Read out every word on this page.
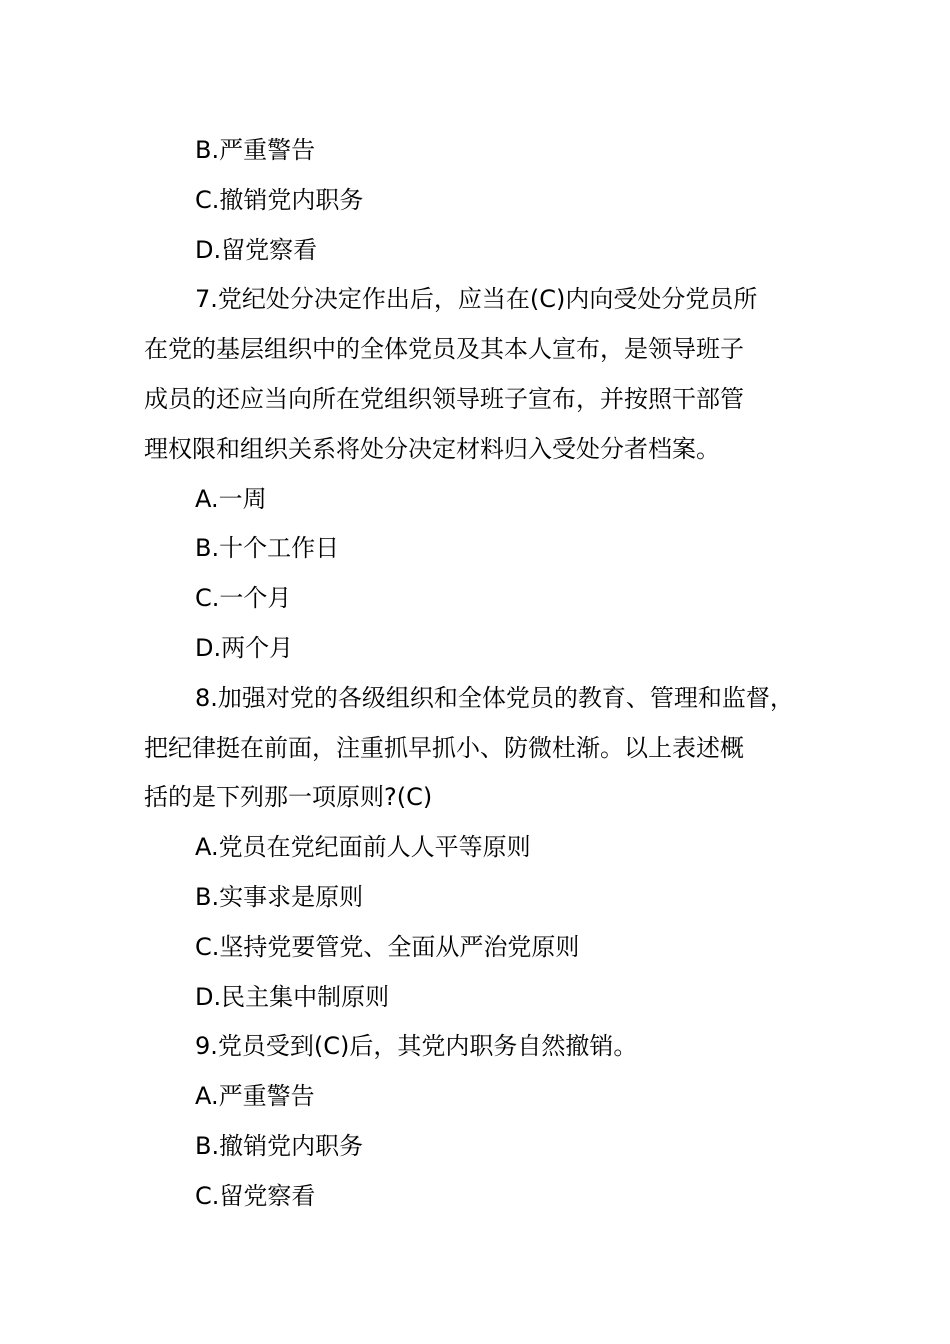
B.严重警告

C.撤销党内职务

D.留党察看

7.党纪处分决定作出后，应当在(C)内向受处分党员所

在党的基层组织中的全体党员及其本人宣布，是领导班子

成员的还应当向所在党组织领导班子宣布，并按照干部管

理权限和组织关系将处分决定材料归入受处分者档案。

A.一周

B.十个工作日

C.一个月

D.两个月

8.加强对党的各级组织和全体党员的教育、管理和监督，

把纪律挺在前面，注重抓早抓小、防微杜渐。以上表述概

括的是下列那一项原则?(C)

A.党员在党纪面前人人平等原则

B.实事求是原则

C.坚持党要管党、全面从严治党原则

D.民主集中制原则

9.党员受到(C)后，其党内职务自然撤销。

A.严重警告

B.撤销党内职务

C.留党察看
